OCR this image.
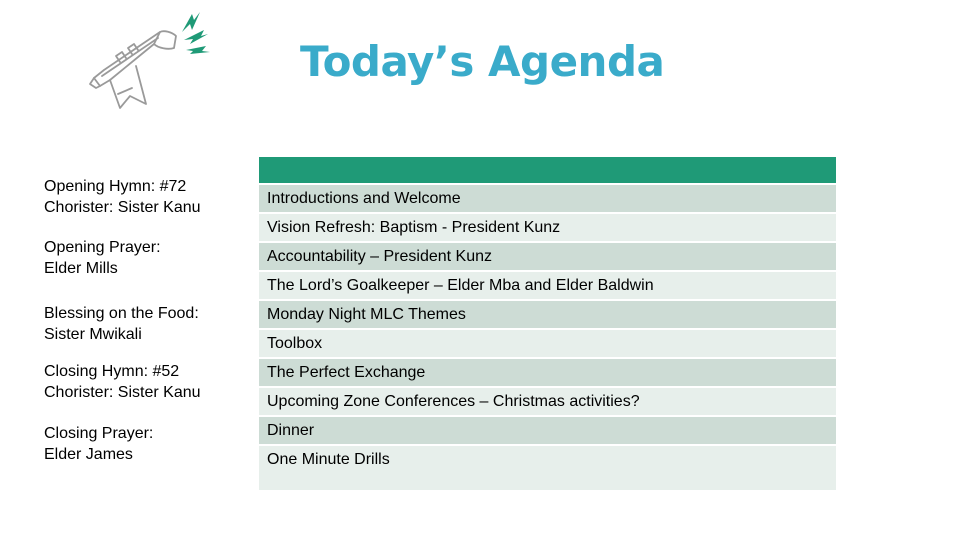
Today’s Agenda
Opening Hymn: #72
Chorister: Sister Kanu
Opening Prayer:
Elder Mills
Blessing on the Food:
Sister Mwikali
Closing Hymn: #52
Chorister: Sister Kanu
Closing Prayer:
Elder James

Introductions and Welcome
Vision Refresh: Baptism - President Kunz
Accountability – President Kunz
The Lord’s Goalkeeper – Elder Mba and Elder Baldwin
Monday Night MLC Themes
Toolbox
The Perfect Exchange
Upcoming Zone Conferences – Christmas activities?
Dinner
One Minute Drills
